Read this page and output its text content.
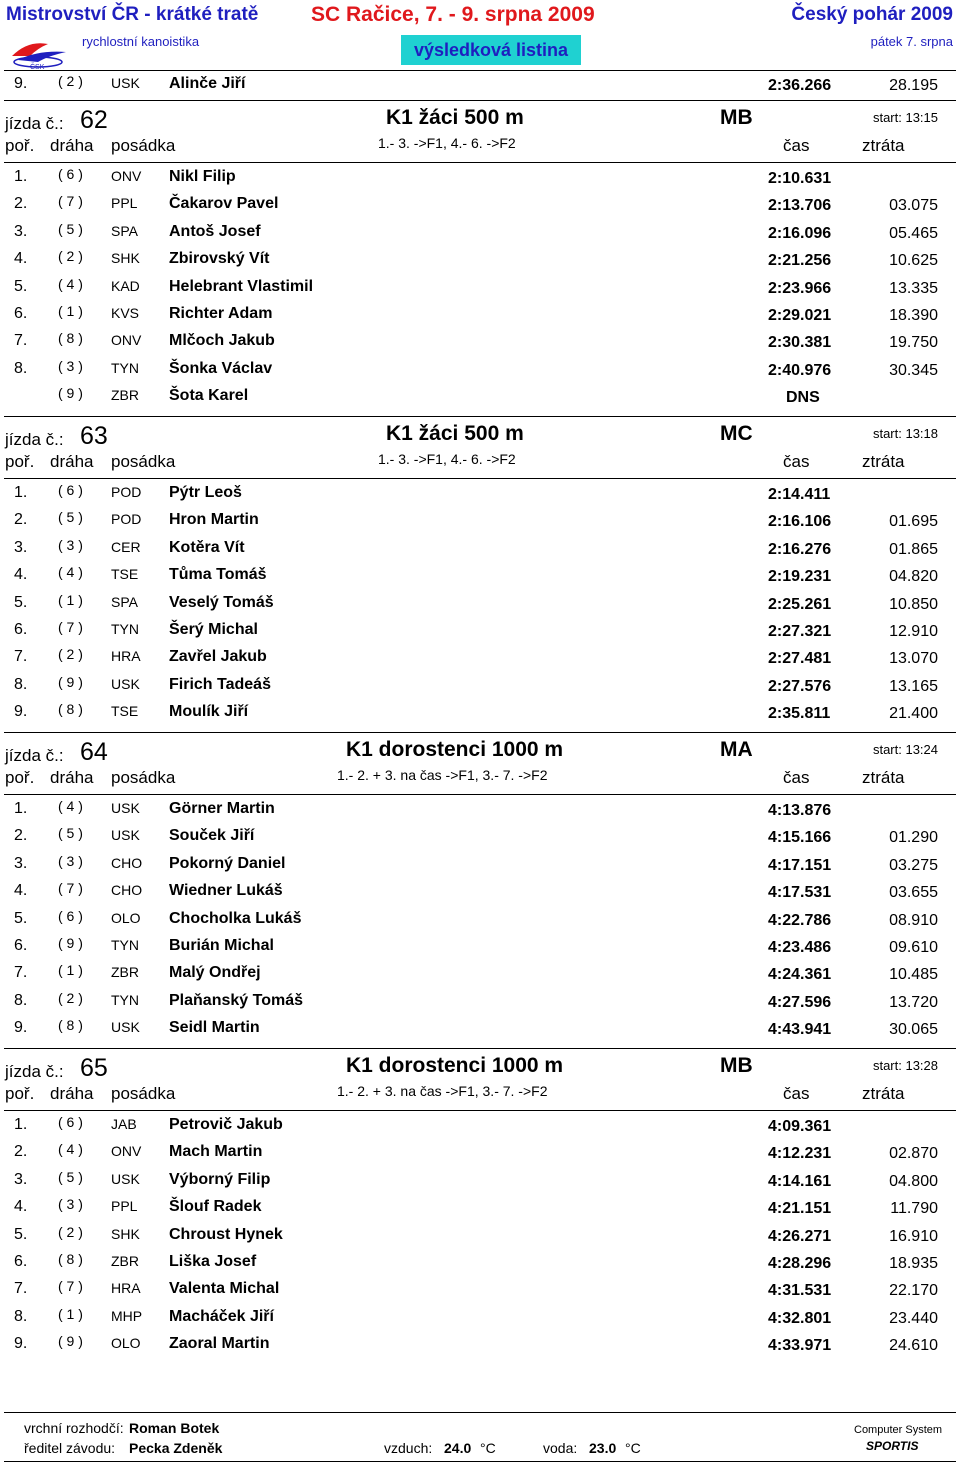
Mistrovství ČR - krátké tratě	SC Račice, 7. - 9. srpna 2009	Český pohár 2009
ČSK
rychlostní kanoistika	výsledková listina	pátek 7. srpna
9. ( 2 ) USK Alinče Jiří	2:36.266	28.195
jízda č.: 62	K1 žáci 500 m	MB	start: 13:15
poř. dráha posádka	1.- 3. ->F1, 4.- 6. ->F2	čas	ztráta
1. ( 6 ) ONV Nikl Filip	2:10.631
2. ( 7 ) PPL Čakarov Pavel	2:13.706	03.075
3. ( 5 ) SPA Antoš Josef	2:16.096	05.465
4. ( 2 ) SHK Zbirovský Vít	2:21.256	10.625
5. ( 4 ) KAD Helebrant Vlastimil	2:23.966	13.335
6. ( 1 ) KVS Richter Adam	2:29.021	18.390
7. ( 8 ) ONV Mlčoch Jakub	2:30.381	19.750
8. ( 3 ) TYN Šonka Václav	2:40.976	30.345
( 9 ) ZBR Šota Karel	DNS
jízda č.: 63	K1 žáci 500 m	MC	start: 13:18
poř. dráha posádka	1.- 3. ->F1, 4.- 6. ->F2	čas	ztráta
1. ( 6 ) POD Pýtr Leoš	2:14.411
2. ( 5 ) POD Hron Martin	2:16.106	01.695
3. ( 3 ) CER Kotěra Vít	2:16.276	01.865
4. ( 4 ) TSE Tůma Tomáš	2:19.231	04.820
5. ( 1 ) SPA Veselý Tomáš	2:25.261	10.850
6. ( 7 ) TYN Šerý Michal	2:27.321	12.910
7. ( 2 ) HRA Zavřel Jakub	2:27.481	13.070
8. ( 9 ) USK Firich Tadeáš	2:27.576	13.165
9. ( 8 ) TSE Moulík Jiří	2:35.811	21.400
jízda č.: 64	K1 dorostenci 1000 m	MA	start: 13:24
poř. dráha posádka	1.- 2. + 3. na čas ->F1, 3.- 7. ->F2	čas	ztráta
1. ( 4 ) USK Görner Martin	4:13.876
2. ( 5 ) USK Souček Jiří	4:15.166	01.290
3. ( 3 ) CHO Pokorný Daniel	4:17.151	03.275
4. ( 7 ) CHO Wiedner Lukáš	4:17.531	03.655
5. ( 6 ) OLO Chocholka Lukáš	4:22.786	08.910
6. ( 9 ) TYN Burián Michal	4:23.486	09.610
7. ( 1 ) ZBR Malý Ondřej	4:24.361	10.485
8. ( 2 ) TYN Plaňanský Tomáš	4:27.596	13.720
9. ( 8 ) USK Seidl Martin	4:43.941	30.065
jízda č.: 65	K1 dorostenci 1000 m	MB	start: 13:28
poř. dráha posádka	1.- 2. + 3. na čas ->F1, 3.- 7. ->F2	čas	ztráta
1. ( 6 ) JAB Petrovič Jakub	4:09.361
2. ( 4 ) ONV Mach Martin	4:12.231	02.870
3. ( 5 ) USK Výborný Filip	4:14.161	04.800
4. ( 3 ) PPL Šlouf Radek	4:21.151	11.790
5. ( 2 ) SHK Chroust Hynek	4:26.271	16.910
6. ( 8 ) ZBR Liška Josef	4:28.296	18.935
7. ( 7 ) HRA Valenta Michal	4:31.531	22.170
8. ( 1 ) MHP Macháček Jiří	4:32.801	23.440
9. ( 9 ) OLO Zaoral Martin	4:33.971	24.610
vrchní rozhodčí: Roman Botek
ředitel závodu: Pecka Zdeněk	vzduch: 24.0 °C	voda: 23.0 °C
Computer System
SPORTIS
